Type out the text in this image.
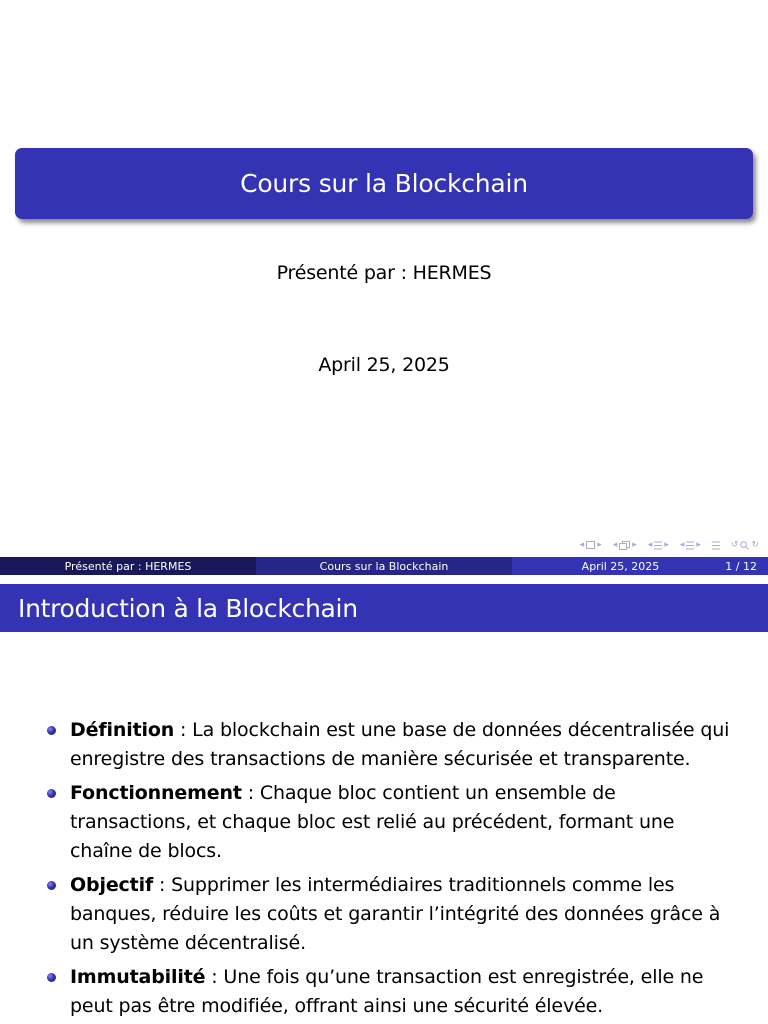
Cours sur la Blockchain
Présenté par : HERMES
April 25, 2025
◂ ▸ ◂ ▸ ◂ ▸ ◂ ▸	↺ ↻
Présenté par : HERMES	Cours sur la Blockchain	April 25, 2025	1 / 12
Introduction à la Blockchain
Définition : La blockchain est une base de données décentralisée qui
enregistre des transactions de manière sécurisée et transparente.
Fonctionnement : Chaque bloc contient un ensemble de
transactions, et chaque bloc est relié au précédent, formant une
chaîne de blocs.
Objectif : Supprimer les intermédiaires traditionnels comme les
banques, réduire les coûts et garantir l’intégrité des données grâce à
un système décentralisé.
Immutabilité : Une fois qu’une transaction est enregistrée, elle ne
peut pas être modifiée, offrant ainsi une sécurité élevée.
